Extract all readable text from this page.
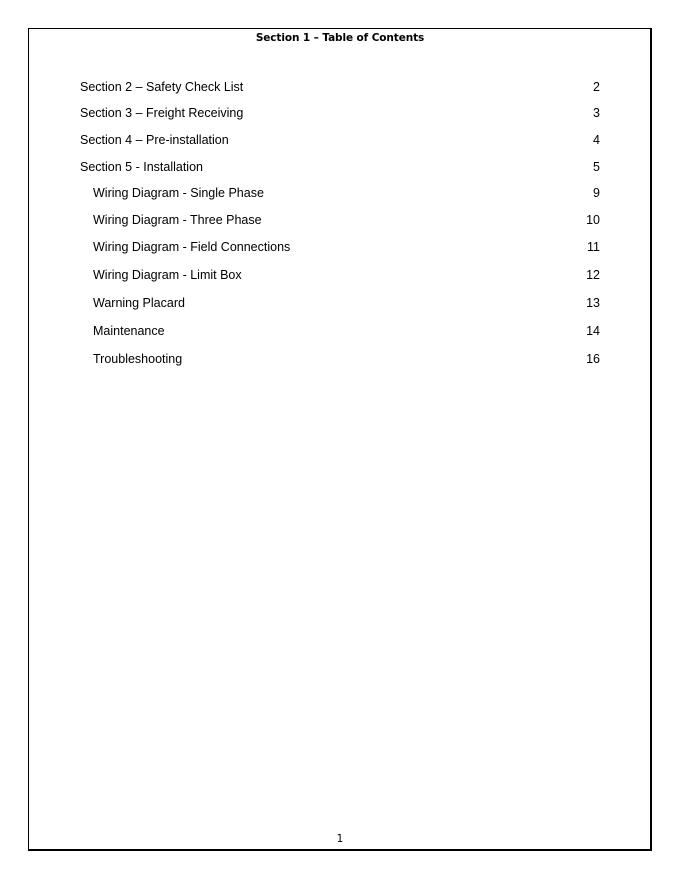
Section 1 – Table of Contents
Section 2 – Safety Check List	2
Section 3 – Freight Receiving	3
Section 4 – Pre-installation	4
Section 5 - Installation	5
Wiring Diagram - Single Phase	9
Wiring Diagram - Three Phase	10
Wiring Diagram - Field Connections	11
Wiring Diagram - Limit Box	12
Warning Placard	13
Maintenance	14
Troubleshooting	16
1
